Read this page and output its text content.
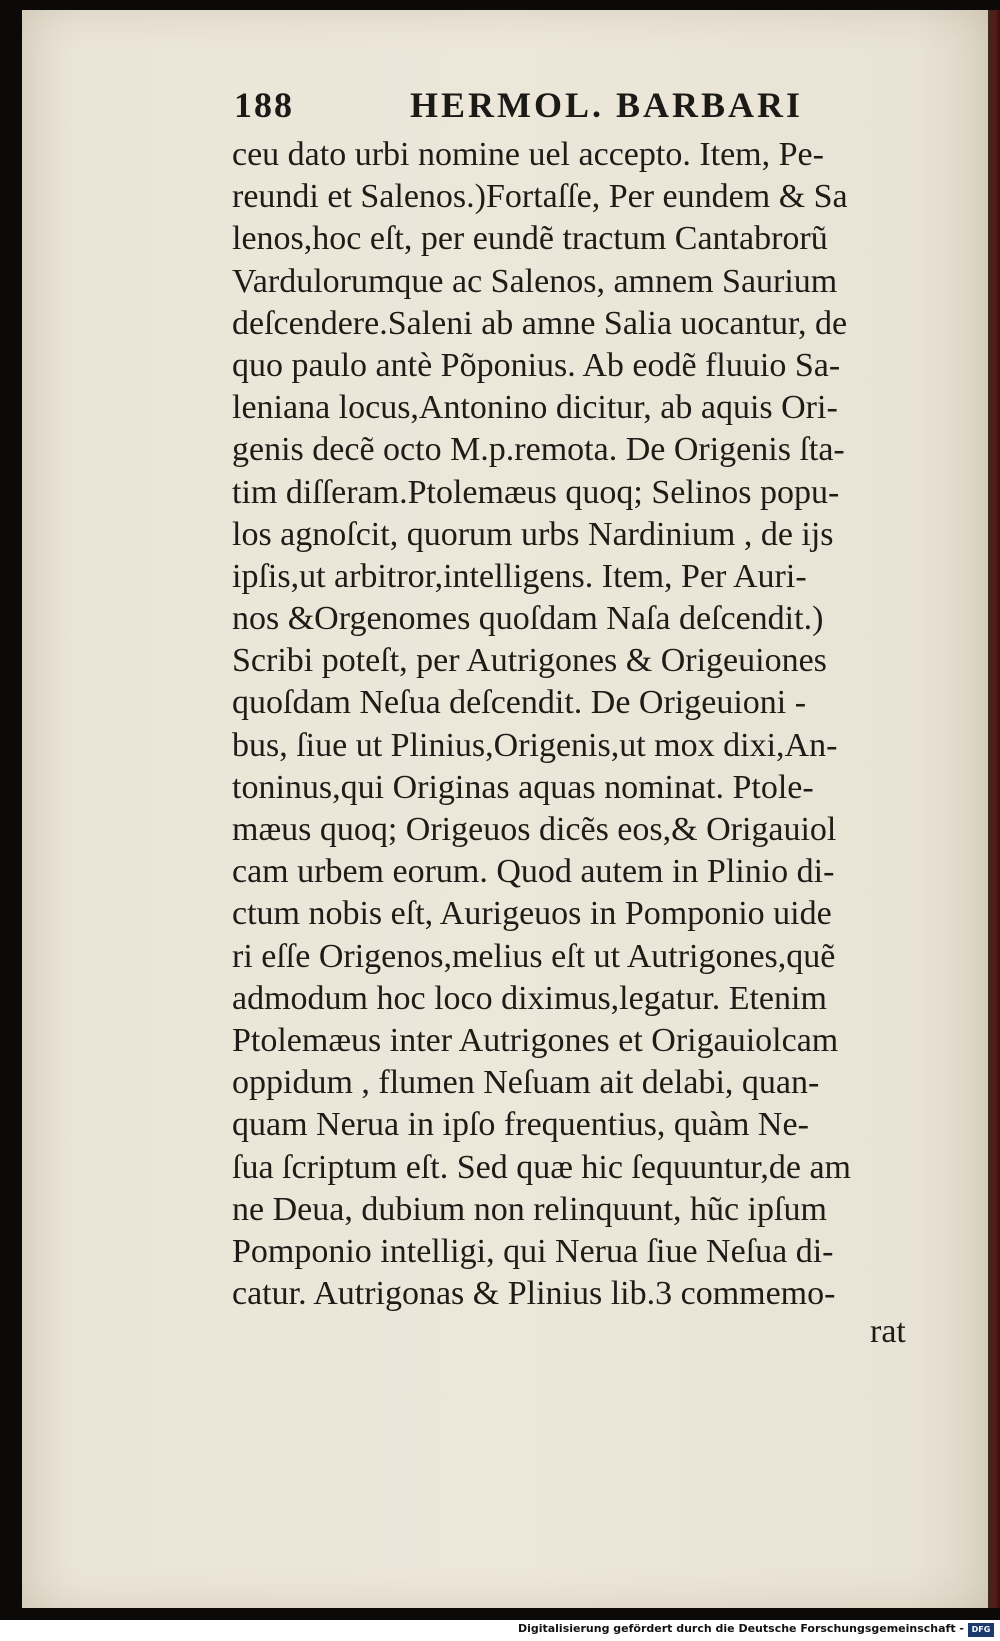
188	HERMOL. BARBARI
ceu dato urbi nomine uel accepto. Item, Pe-
reundi et Salenos.)Fortaſſe, Per eundem & Sa
lenos,hoc eſt, per eundẽ tractum Cantabrorũ
Vardulorumque ac Salenos, amnem Saurium
deſcendere.Saleni ab amne Salia uocantur, de
quo paulo antè Põponius. Ab eodẽ fluuio Sa-
leniana locus,Antonino dicitur, ab aquis Ori-
genis decẽ octo M.p.remota. De Origenis ſta-
tim diſſeram.Ptolemæus quoq; Selinos popu-
los agnoſcit, quorum urbs Nardinium , de ijs
ipſis,ut arbitror,intelligens. Item, Per Auri-
nos &Orgenomes quoſdam Naſa deſcendit.)
Scribi poteſt, per Autrigones & Origeuiones
quoſdam Neſua deſcendit. De Origeuioni -
bus, ſiue ut Plinius,Origenis,ut mox dixi,An-
toninus,qui Originas aquas nominat. Ptole-
mæus quoq; Origeuos dicẽs eos,& Origauiol
cam urbem eorum. Quod autem in Plinio di-
ctum nobis eſt, Aurigeuos in Pomponio uide
ri eſſe Origenos,melius eſt ut Autrigones,quẽ
admodum hoc loco diximus,legatur. Etenim
Ptolemæus inter Autrigones et Origauiolcam
oppidum , flumen Neſuam ait delabi, quan-
quam Nerua in ipſo frequentius, quàm Ne-
ſua ſcriptum eſt. Sed quæ hic ſequuntur,de am
ne Deua, dubium non relinquunt, hũc ipſum
Pomponio intelligi, qui Nerua ſiue Neſua di-
catur. Autrigonas & Plinius lib.3 commemo-
rat
Digitalisierung gefördert durch die Deutsche Forschungsgemeinschaft - DFG
